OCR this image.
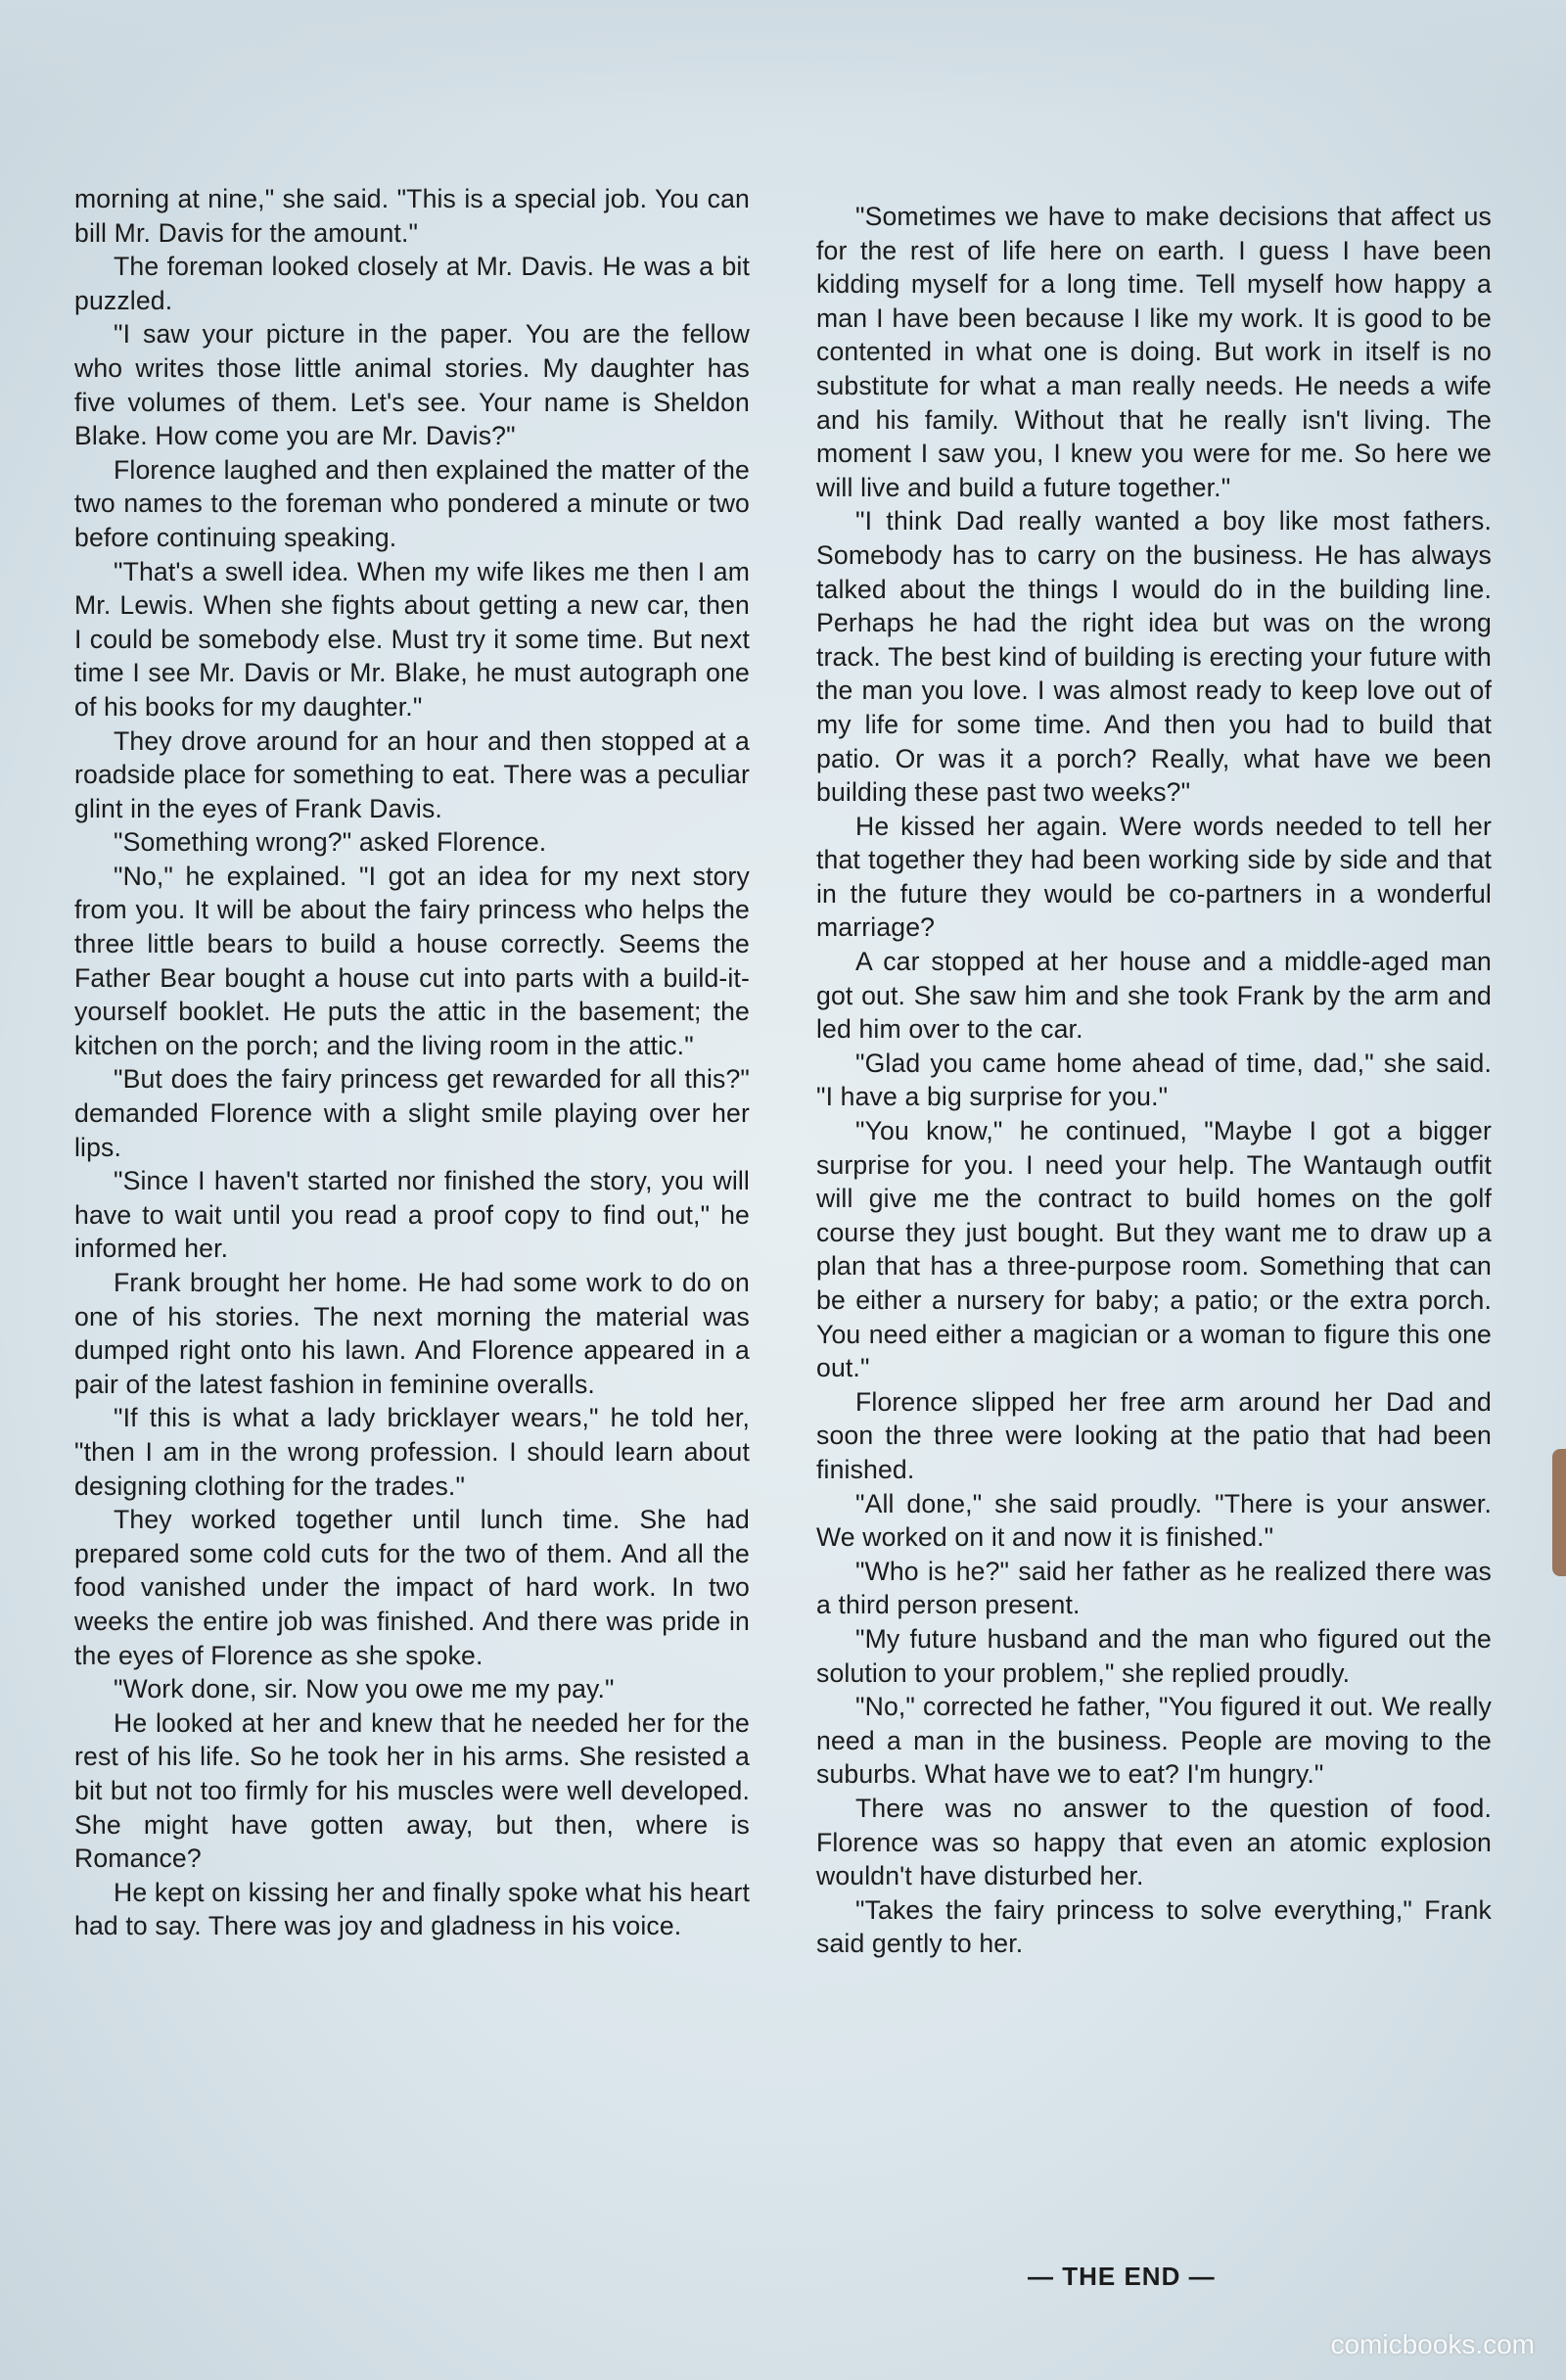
morning at nine," she said. "This is a special job. You can bill Mr. Davis for the amount."

The foreman looked closely at Mr. Davis. He was a bit puzzled.

"I saw your picture in the paper. You are the fellow who writes those little animal stories. My daughter has five volumes of them. Let's see. Your name is Sheldon Blake. How come you are Mr. Davis?"

Florence laughed and then explained the matter of the two names to the foreman who pondered a minute or two before continuing speaking.

"That's a swell idea. When my wife likes me then I am Mr. Lewis. When she fights about getting a new car, then I could be somebody else. Must try it some time. But next time I see Mr. Davis or Mr. Blake, he must autograph one of his books for my daughter."

They drove around for an hour and then stopped at a roadside place for something to eat. There was a peculiar glint in the eyes of Frank Davis.

"Something wrong?" asked Florence.

"No," he explained. "I got an idea for my next story from you. It will be about the fairy princess who helps the three little bears to build a house correctly. Seems the Father Bear bought a house cut into parts with a build-it-yourself booklet. He puts the attic in the basement; the kitchen on the porch; and the living room in the attic."

"But does the fairy princess get rewarded for all this?" demanded Florence with a slight smile playing over her lips.

"Since I haven't started nor finished the story, you will have to wait until you read a proof copy to find out," he informed her.

Frank brought her home. He had some work to do on one of his stories. The next morning the material was dumped right onto his lawn. And Florence appeared in a pair of the latest fashion in feminine overalls.

"If this is what a lady bricklayer wears," he told her, "then I am in the wrong profession. I should learn about designing clothing for the trades."

They worked together until lunch time. She had prepared some cold cuts for the two of them. And all the food vanished under the impact of hard work. In two weeks the entire job was finished. And there was pride in the eyes of Florence as she spoke.

"Work done, sir. Now you owe me my pay."

He looked at her and knew that he needed her for the rest of his life. So he took her in his arms. She resisted a bit but not too firmly for his muscles were well developed. She might have gotten away, but then, where is Romance?

He kept on kissing her and finally spoke what his heart had to say. There was joy and gladness in his voice.

"Sometimes we have to make decisions that affect us for the rest of life here on earth. I guess I have been kidding myself for a long time. Tell myself how happy a man I have been because I like my work. It is good to be contented in what one is doing. But work in itself is no substitute for what a man really needs. He needs a wife and his family. Without that he really isn't living. The moment I saw you, I knew you were for me. So here we will live and build a future together."

"I think Dad really wanted a boy like most fathers. Somebody has to carry on the business. He has always talked about the things I would do in the building line. Perhaps he had the right idea but was on the wrong track. The best kind of building is erecting your future with the man you love. I was almost ready to keep love out of my life for some time. And then you had to build that patio. Or was it a porch? Really, what have we been building these past two weeks?"

He kissed her again. Were words needed to tell her that together they had been working side by side and that in the future they would be co-partners in a wonderful marriage?

A car stopped at her house and a middle-aged man got out. She saw him and she took Frank by the arm and led him over to the car.

"Glad you came home ahead of time, dad," she said. "I have a big surprise for you."

"You know," he continued, "Maybe I got a bigger surprise for you. I need your help. The Wantaugh outfit will give me the contract to build homes on the golf course they just bought. But they want me to draw up a plan that has a three-purpose room. Something that can be either a nursery for baby; a patio; or the extra porch. You need either a magician or a woman to figure this one out."

Florence slipped her free arm around her Dad and soon the three were looking at the patio that had been finished.

"All done," she said proudly. "There is your answer. We worked on it and now it is finished."

"Who is he?" said her father as he realized there was a third person present.

"My future husband and the man who figured out the solution to your problem," she replied proudly.

"No," corrected he father, "You figured it out. We really need a man in the business. People are moving to the suburbs. What have we to eat? I'm hungry."

There was no answer to the question of food. Florence was so happy that even an atomic explosion wouldn't have disturbed her.

"Takes the fairy princess to solve everything," Frank said gently to her.

— THE END —
comicbooks.com
